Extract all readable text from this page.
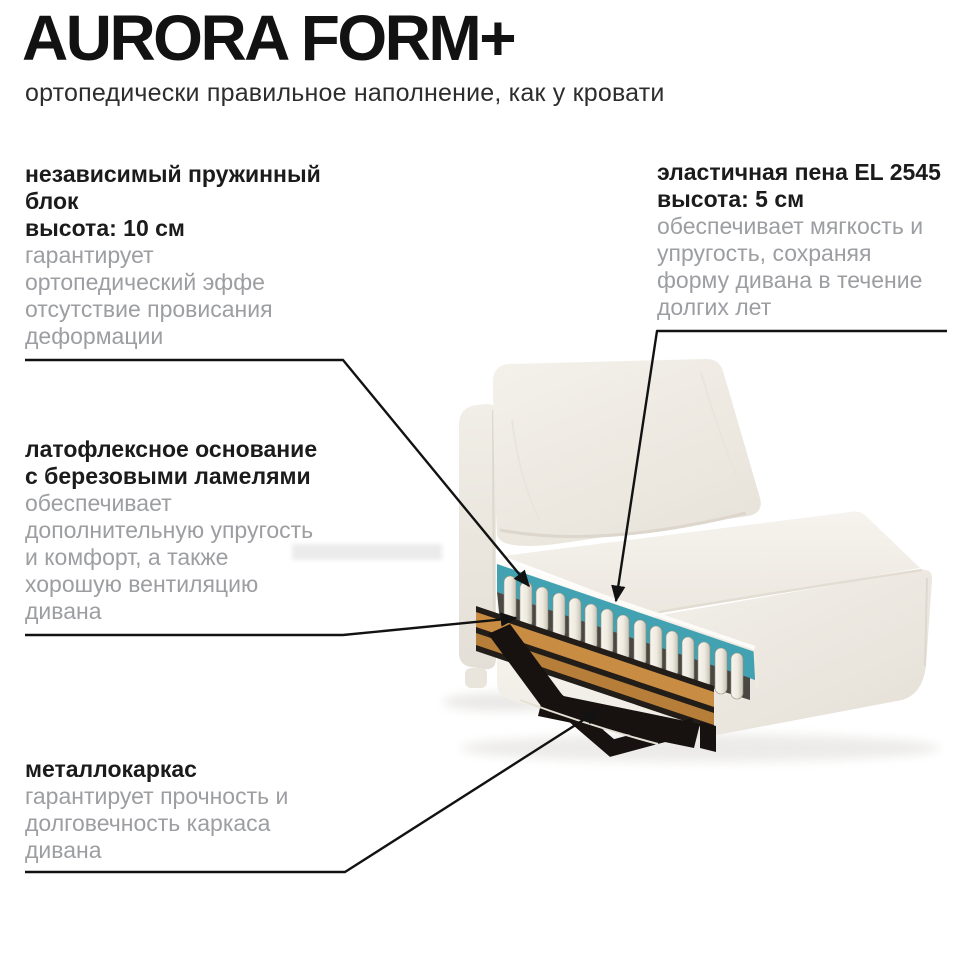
AURORA FORM+

ортопедически правильное наполнение, как у кровати

независимый пружинный
блок
высота: 10 см
гарантирует
ортопедический эффе
отсутствие провисания
деформации
эластичная пена EL 2545
высота: 5 см
обеспечивает мягкость и
упругость, сохраняя
форму дивана в течение
долгих лет
латофлексное основание
с березовыми ламелями
обеспечивает
дополнительную упругость
и комфорт, а также
хорошую вентиляцию
дивана
металлокаркас
гарантирует прочность и
долговечность каркаса
дивана
